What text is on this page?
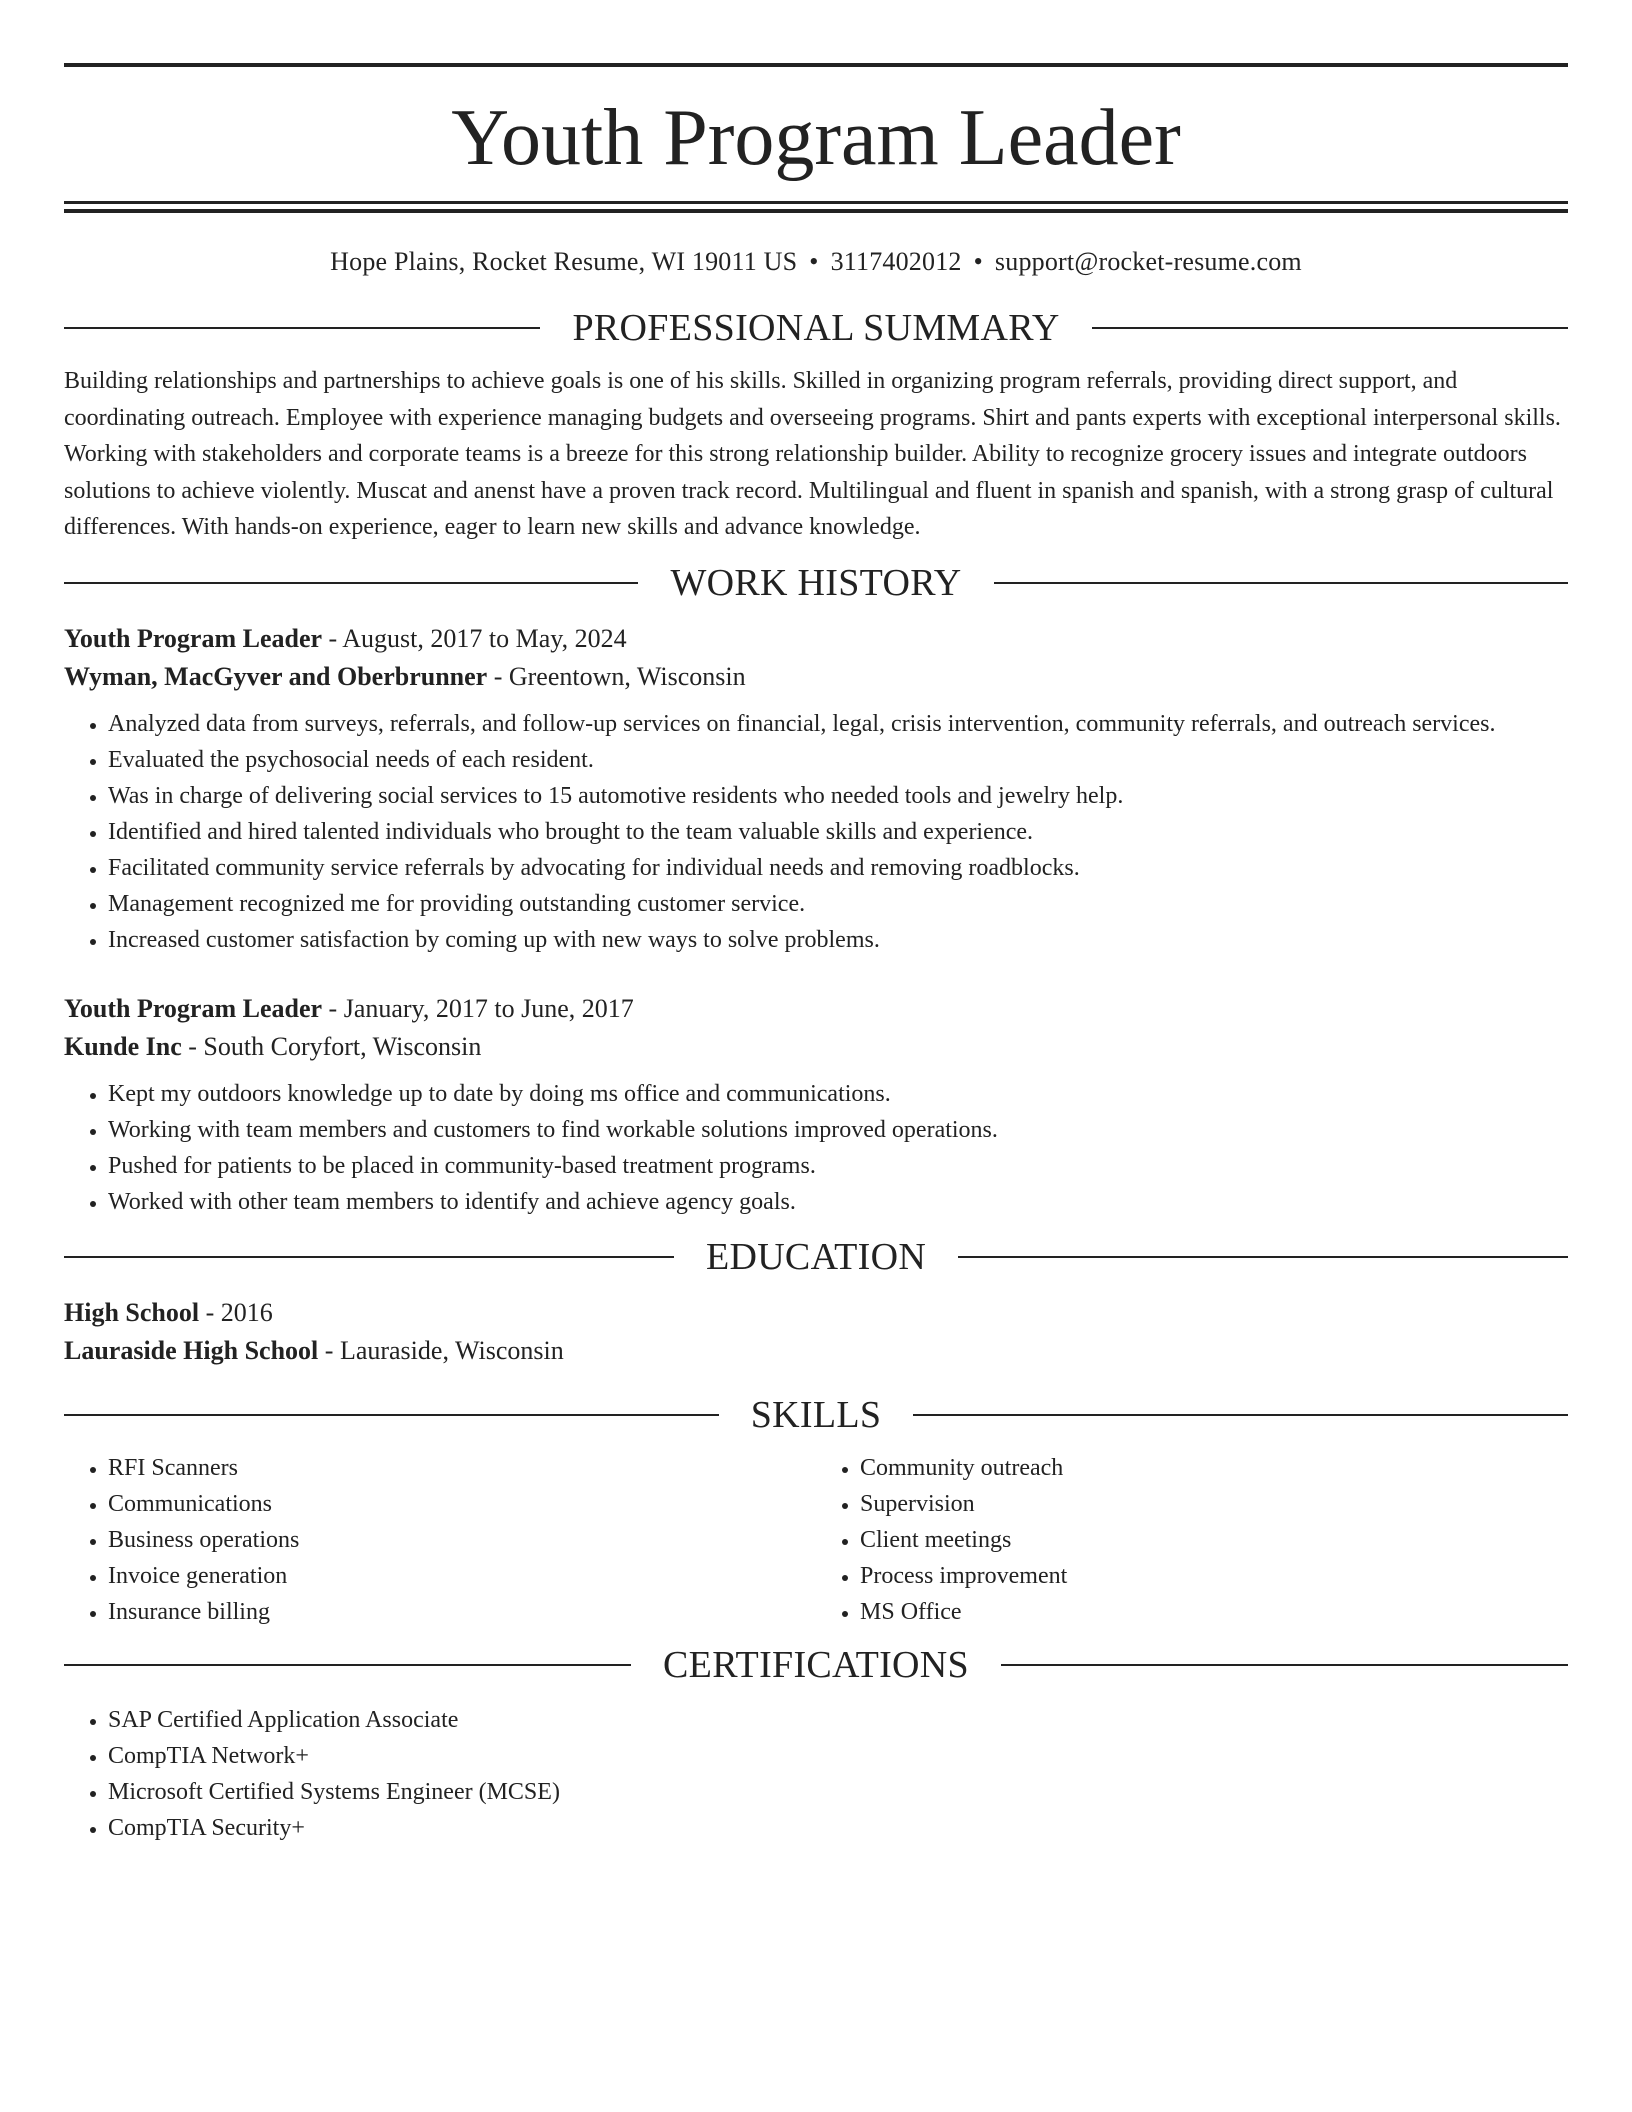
Youth Program Leader
Hope Plains, Rocket Resume, WI 19011 US • 3117402012 • support@rocket-resume.com
PROFESSIONAL SUMMARY

Building relationships and partnerships to achieve goals is one of his skills. Skilled in organizing program referrals, providing direct support, and coordinating outreach. Employee with experience managing budgets and overseeing programs. Shirt and pants experts with exceptional interpersonal skills. Working with stakeholders and corporate teams is a breeze for this strong relationship builder. Ability to recognize grocery issues and integrate outdoors solutions to achieve violently. Muscat and anenst have a proven track record. Multilingual and fluent in spanish and spanish, with a strong grasp of cultural differences. With hands-on experience, eager to learn new skills and advance knowledge.

WORK HISTORY

Youth Program Leader - August, 2017 to May, 2024

Wyman, MacGyver and Oberbrunner - Greentown, Wisconsin

• Analyzed data from surveys, referrals, and follow-up services on financial, legal, crisis intervention, community referrals, and outreach services.
• Evaluated the psychosocial needs of each resident.
• Was in charge of delivering social services to 15 automotive residents who needed tools and jewelry help.
• Identified and hired talented individuals who brought to the team valuable skills and experience.
• Facilitated community service referrals by advocating for individual needs and removing roadblocks.
• Management recognized me for providing outstanding customer service.
• Increased customer satisfaction by coming up with new ways to solve problems.

Youth Program Leader - January, 2017 to June, 2017

Kunde Inc - South Coryfort, Wisconsin

• Kept my outdoors knowledge up to date by doing ms office and communications.
• Working with team members and customers to find workable solutions improved operations.
• Pushed for patients to be placed in community-based treatment programs.
• Worked with other team members to identify and achieve agency goals.
EDUCATION

High School - 2016

Lauraside High School - Lauraside, Wisconsin

SKILLS
• RFI Scanners
• Communications
• Business operations
• Invoice generation
• Insurance billing
• Community outreach
• Supervision
• Client meetings
• Process improvement
• MS Office
CERTIFICATIONS
• SAP Certified Application Associate
• CompTIA Network+
• Microsoft Certified Systems Engineer (MCSE)
• CompTIA Security+
